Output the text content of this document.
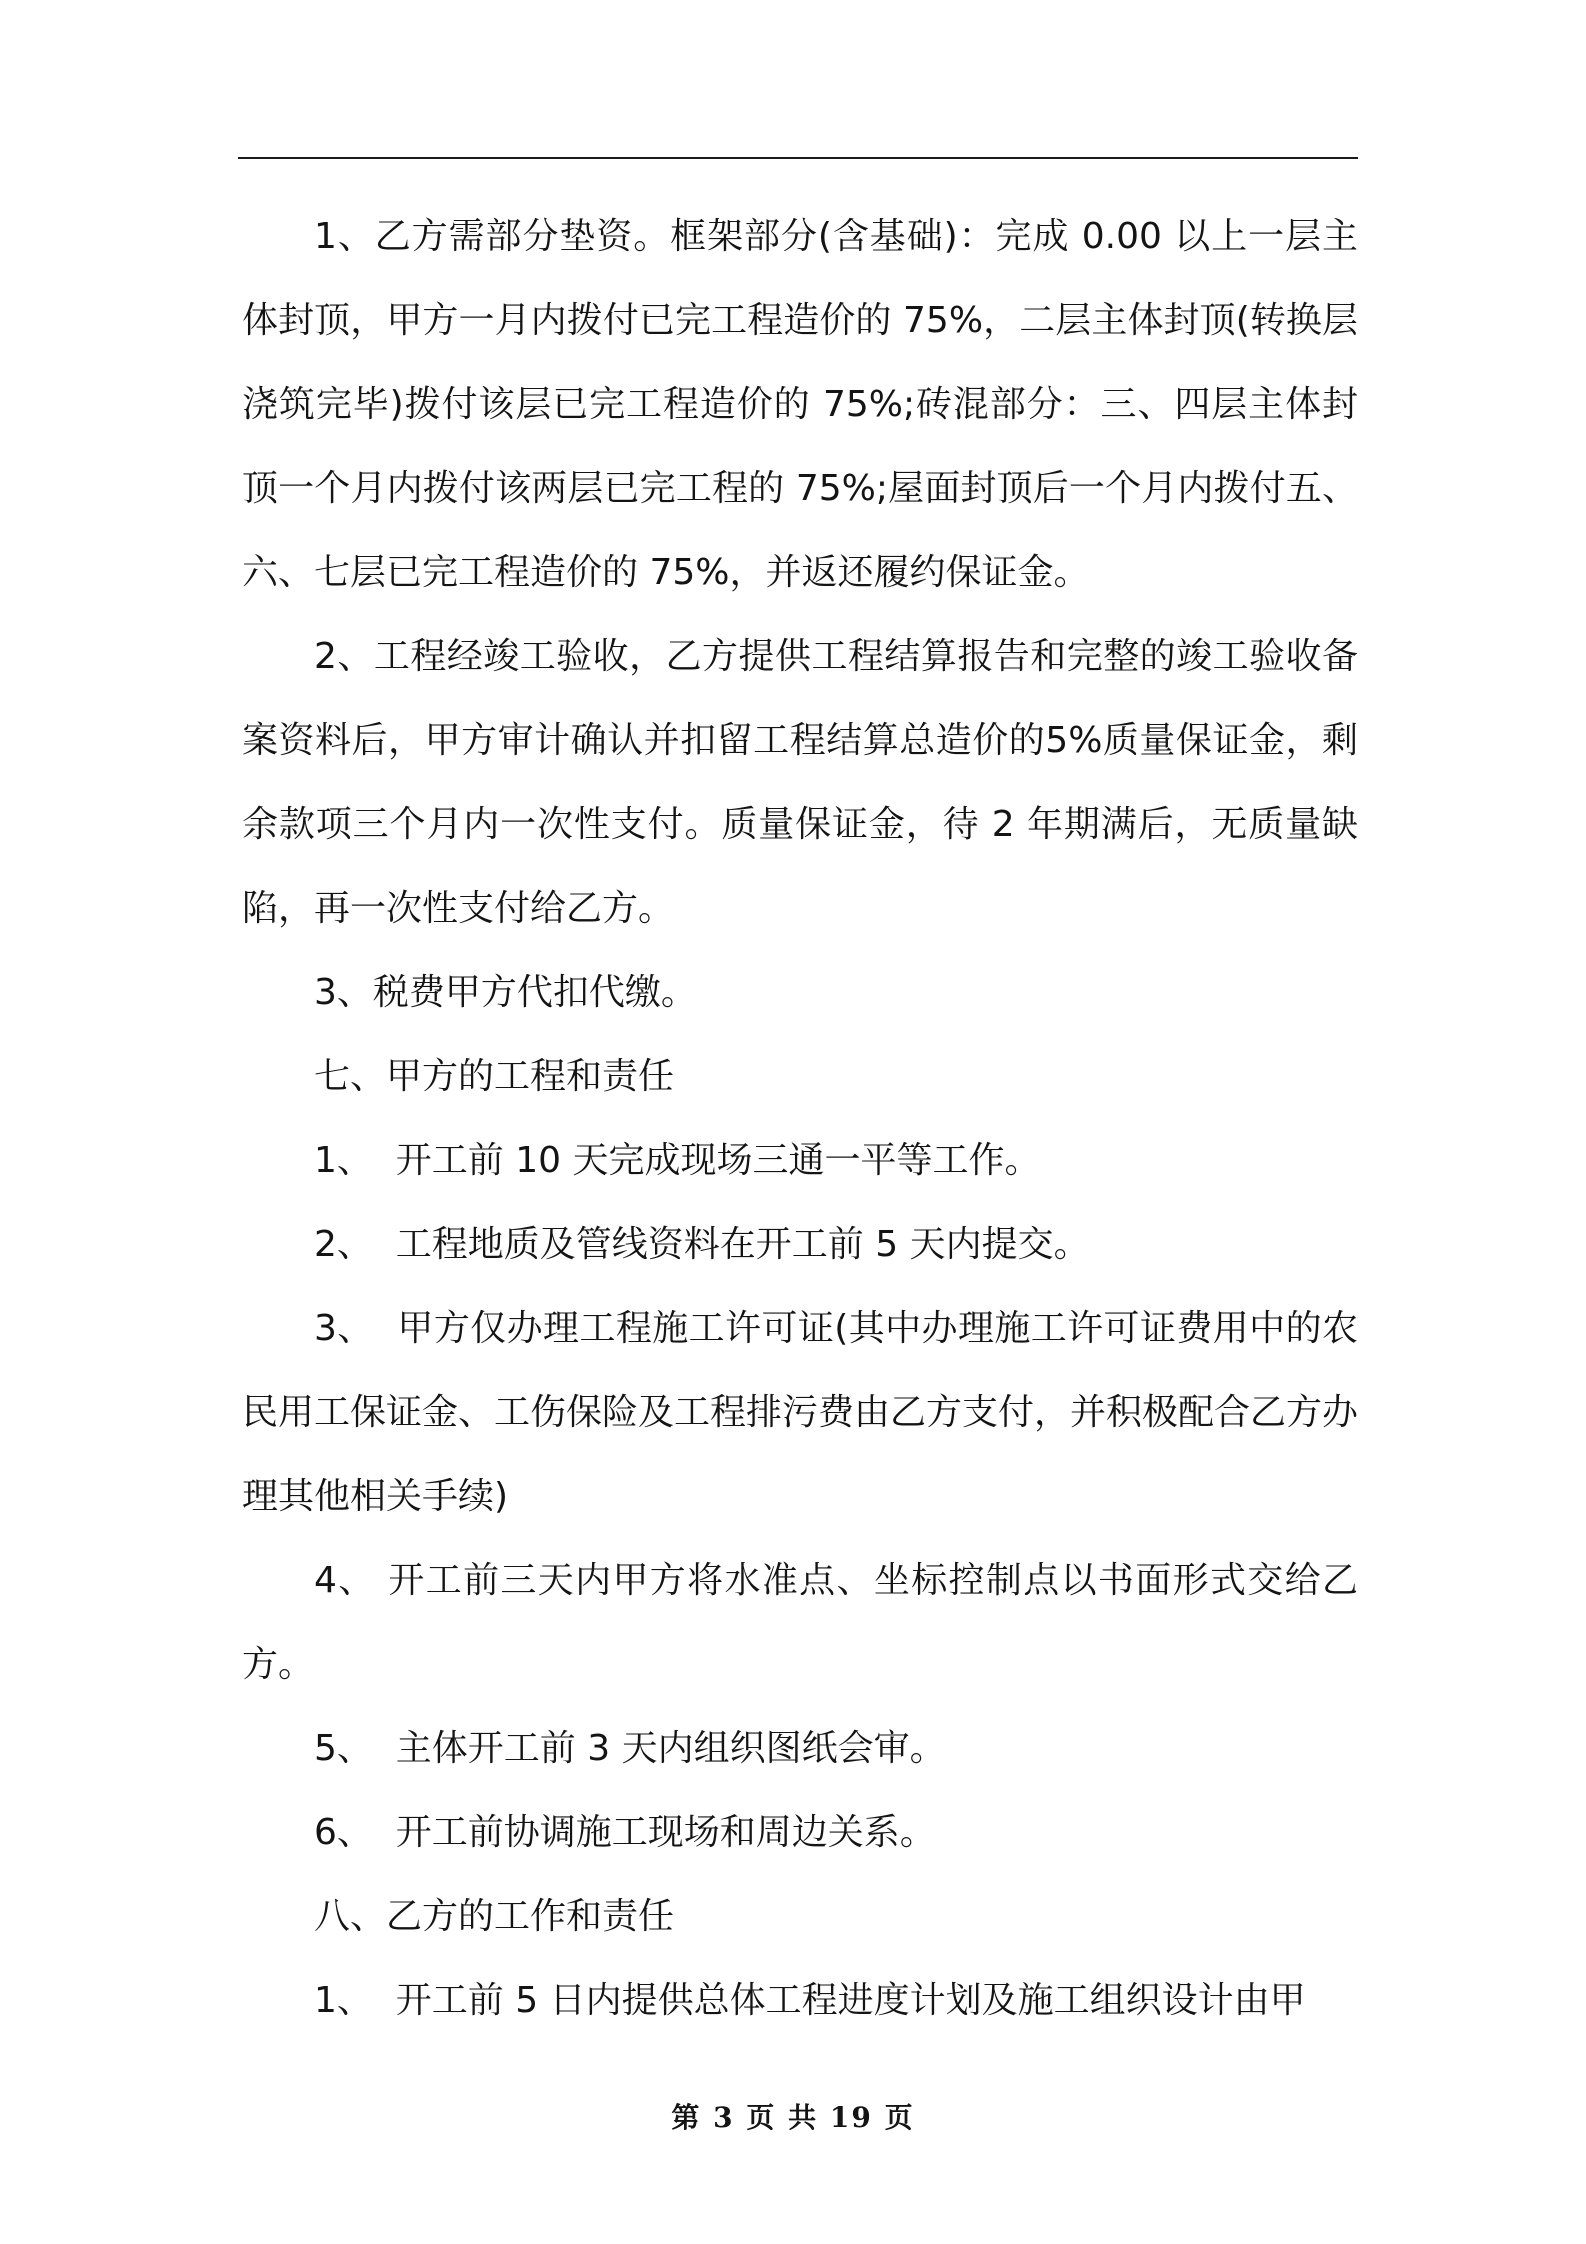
1、乙方需部分垫资。框架部分(含基础)：完成 0.00 以上一层主体封顶，甲方一月内拨付已完工程造价的 75%，二层主体封顶(转换层浇筑完毕)拨付该层已完工程造价的 75%;砖混部分：三、四层主体封顶一个月内拨付该两层已完工程的 75%;屋面封顶后一个月内拨付五、六、七层已完工程造价的 75%，并返还履约保证金。

2、工程经竣工验收，乙方提供工程结算报告和完整的竣工验收备案资料后，甲方审计确认并扣留工程结算总造价的5%质量保证金，剩余款项三个月内一次性支付。质量保证金，待 2 年期满后，无质量缺陷，再一次性支付给乙方。

3、税费甲方代扣代缴。

七、甲方的工程和责任

1、  开工前 10 天完成现场三通一平等工作。

2、  工程地质及管线资料在开工前 5 天内提交。

3、  甲方仅办理工程施工许可证(其中办理施工许可证费用中的农民用工保证金、工伤保险及工程排污费由乙方支付，并积极配合乙方办理其他相关手续)

4、 开工前三天内甲方将水准点、坐标控制点以书面形式交给乙方。

5、  主体开工前 3 天内组织图纸会审。

6、  开工前协调施工现场和周边关系。

八、乙方的工作和责任

1、  开工前 5 日内提供总体工程进度计划及施工组织设计由甲

第 3 页 共 19 页
